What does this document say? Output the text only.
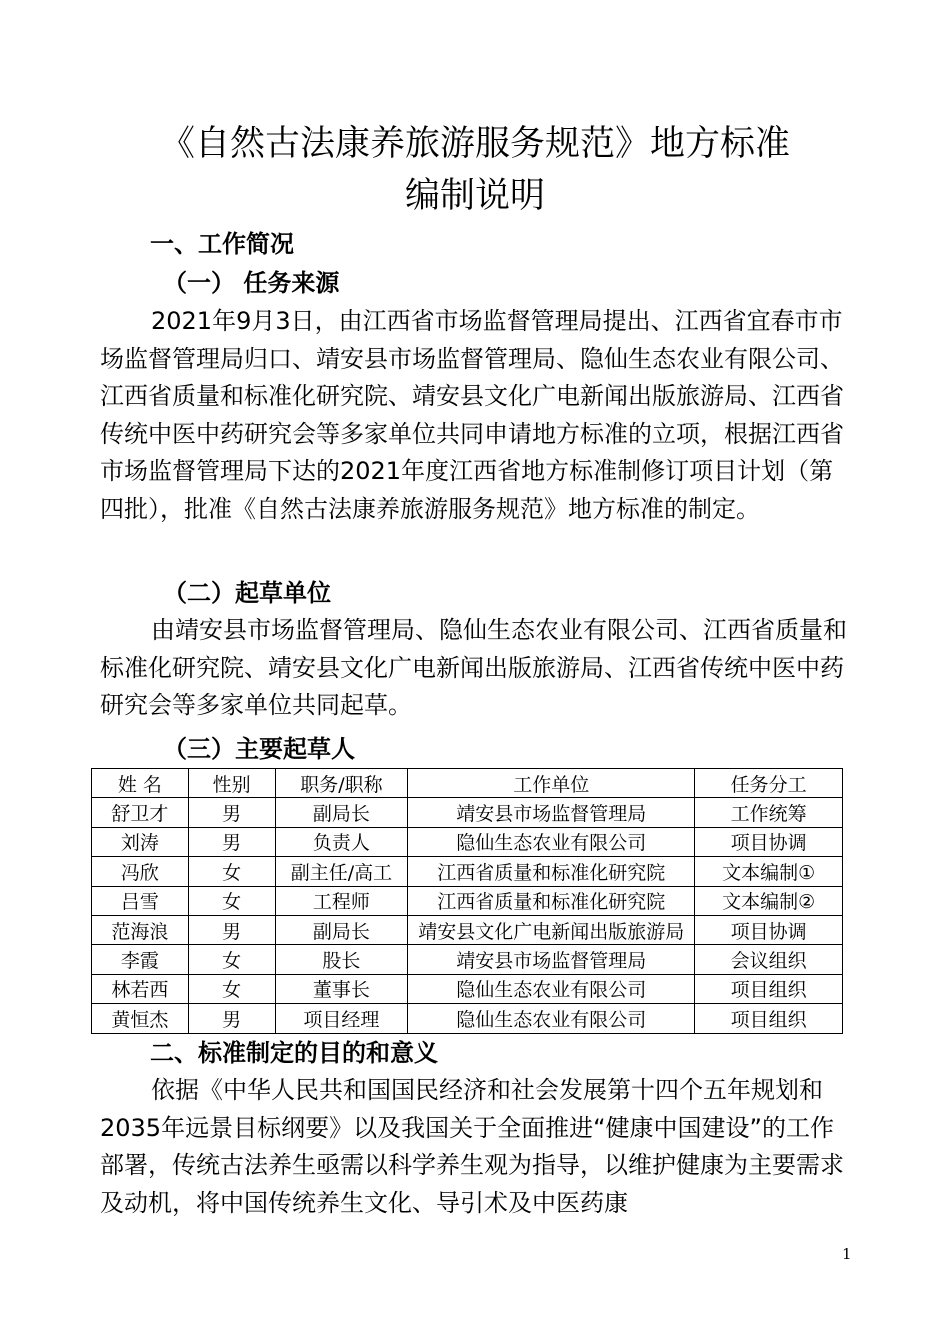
《自然古法康养旅游服务规范》地方标准
编制说明
一、工作简况
（一） 任务来源

2021年9月3日，由江西省市场监督管理局提出、江西省宜春市市场监督管理局归口、靖安县市场监督管理局、隐仙生态农业有限公司、江西省质量和标准化研究院、靖安县文化广电新闻出版旅游局、江西省传统中医中药研究会等多家单位共同申请地方标准的立项，根据江西省市场监督管理局下达的2021年度江西省地方标准制修订项目计划（第四批），批准《自然古法康养旅游服务规范》地方标准的制定。

（二）起草单位

由靖安县市场监督管理局、隐仙生态农业有限公司、江西省质量和标准化研究院、靖安县文化广电新闻出版旅游局、江西省传统中医中药研究会等多家单位共同起草。

（三）主要起草人
姓 名	性别	职务/职称	工作单位	任务分工
舒卫才	男	副局长	靖安县市场监督管理局	工作统筹
刘涛	男	负责人	隐仙生态农业有限公司	项目协调
冯欣	女	副主任/高工	江西省质量和标准化研究院	文本编制①
吕雪	女	工程师	江西省质量和标准化研究院	文本编制②
范海浪	男	副局长	靖安县文化广电新闻出版旅游局	项目协调
李霞	女	股长	靖安县市场监督管理局	会议组织
林若西	女	董事长	隐仙生态农业有限公司	项目组织
黄恒杰	男	项目经理	隐仙生态农业有限公司	项目组织
二、标准制定的目的和意义

依据《中华人民共和国国民经济和社会发展第十四个五年规划和2035年远景目标纲要》以及我国关于全面推进“健康中国建设”的工作部署，传统古法养生亟需以科学养生观为指导，以维护健康为主要需求及动机，将中国传统养生文化、导引术及中医药康

1
